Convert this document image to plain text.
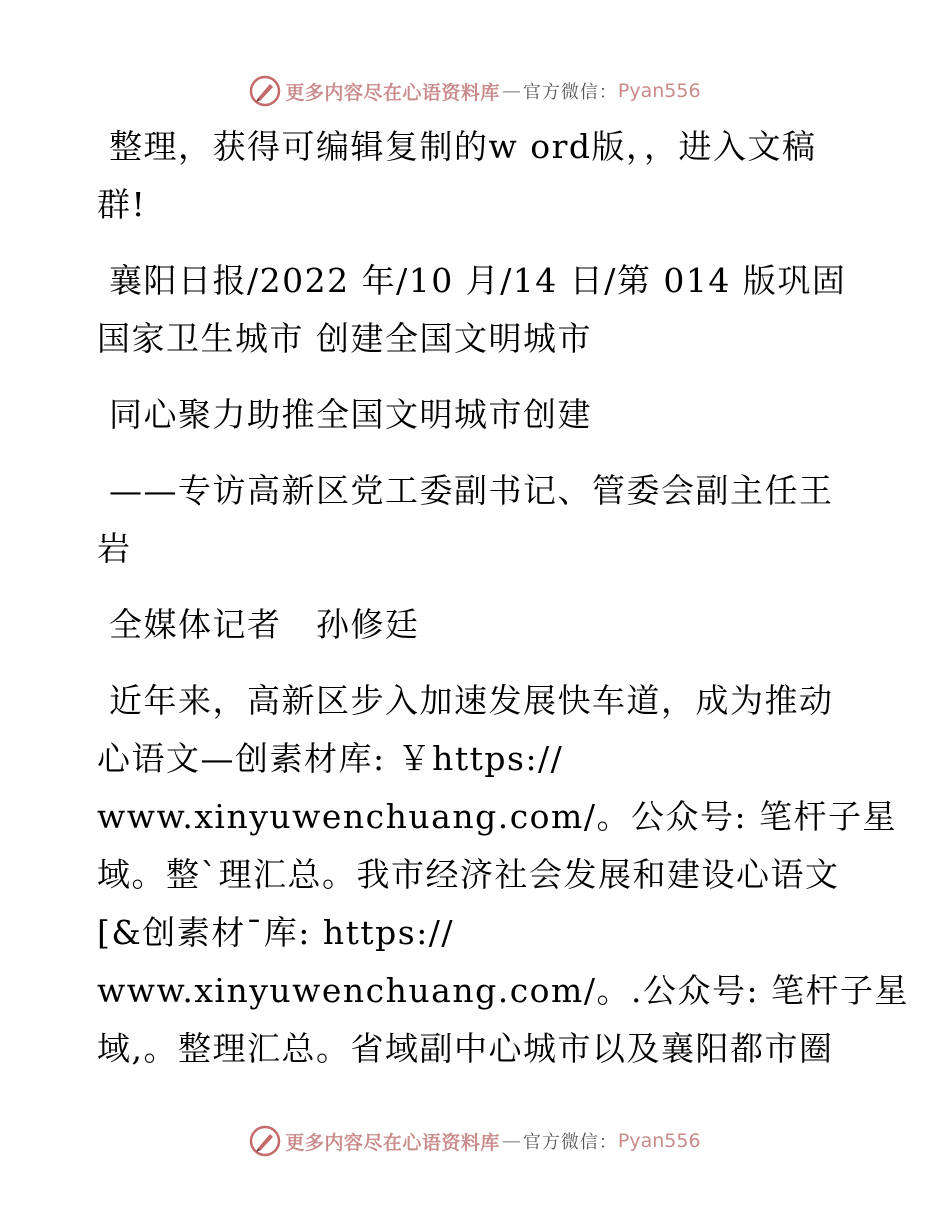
更多内容尽在心语资料库 — 官方微信： Pyan556

整理，获得可编辑复制的w ord版，，进入文稿
群!

襄阳日报/2022 年/10 月/14 日/第 014 版巩固
国家卫生城市 创建全国文明城市

同心聚力助推全国文明城市创建

——专访高新区党工委副书记、管委会副主任王
岩

全媒体记者　孙修廷

近年来，高新区步入加速发展快车道，成为推动
心语文—创素材库: ￥https://
www.xinyuwenchuang.com/。公众号: 笔杆子星
域。整`理汇总。我市经济社会发展和建设心语文
[&创素材¯库: https://
www.xinyuwenchuang.com/。.公众号: 笔杆子星
域,。整理汇总。省域副中心城市以及襄阳都市圈

更多内容尽在心语资料库 — 官方微信： Pyan556
